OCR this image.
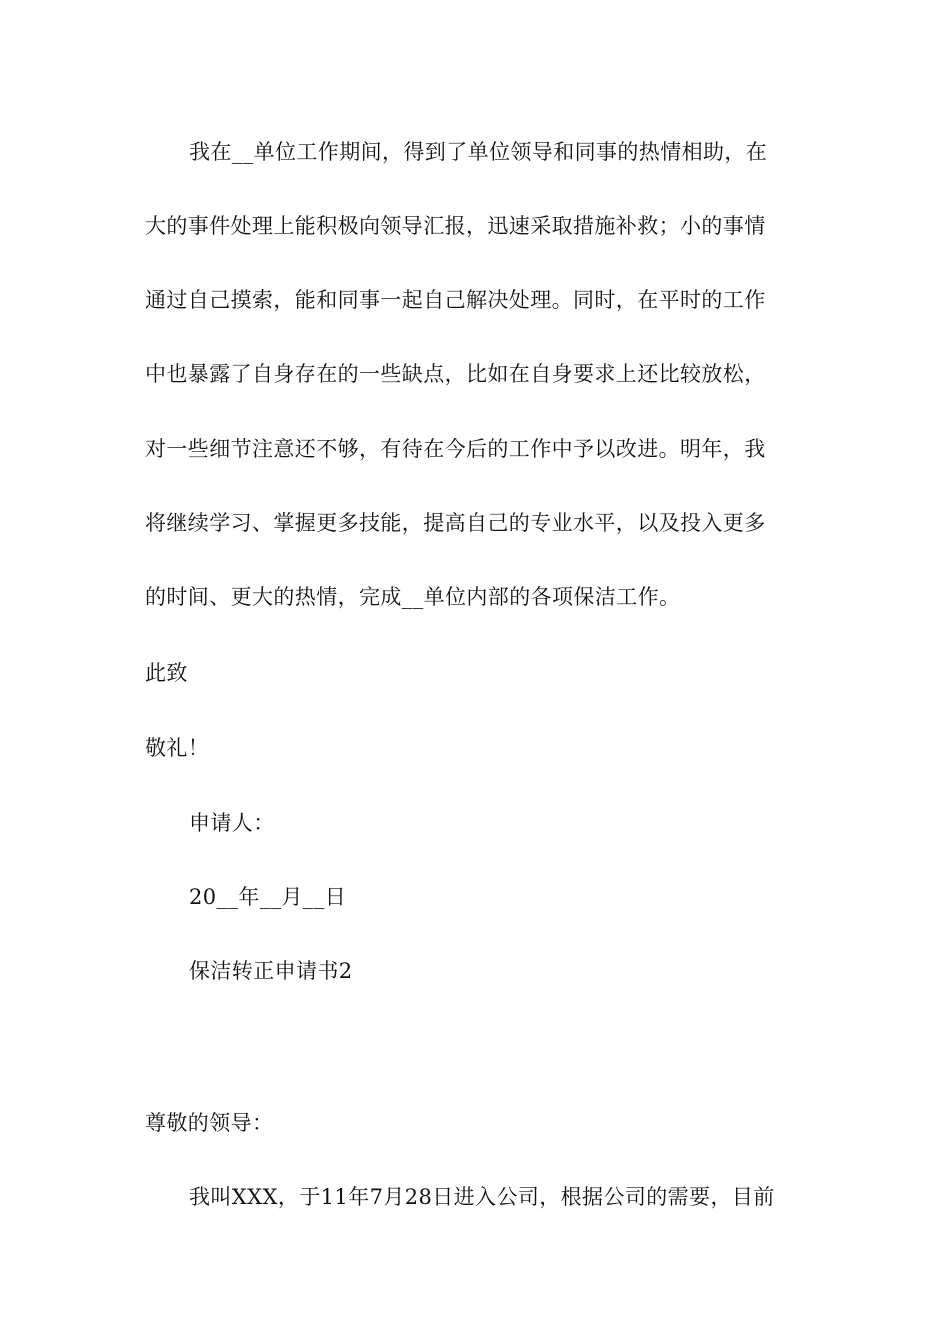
我在__单位工作期间，得到了单位领导和同事的热情相助，在
大的事件处理上能积极向领导汇报，迅速采取措施补救；小的事情
通过自己摸索，能和同事一起自己解决处理。同时，在平时的工作
中也暴露了自身存在的一些缺点，比如在自身要求上还比较放松，
对一些细节注意还不够，有待在今后的工作中予以改进。明年，我
将继续学习、掌握更多技能，提高自己的专业水平，以及投入更多
的时间、更大的热情，完成__单位内部的各项保洁工作。
此致
敬礼！
申请人：
20__年__月__日
保洁转正申请书2
尊敬的领导：
我叫XXX，于11年7月28日进入公司，根据公司的需要，目前
